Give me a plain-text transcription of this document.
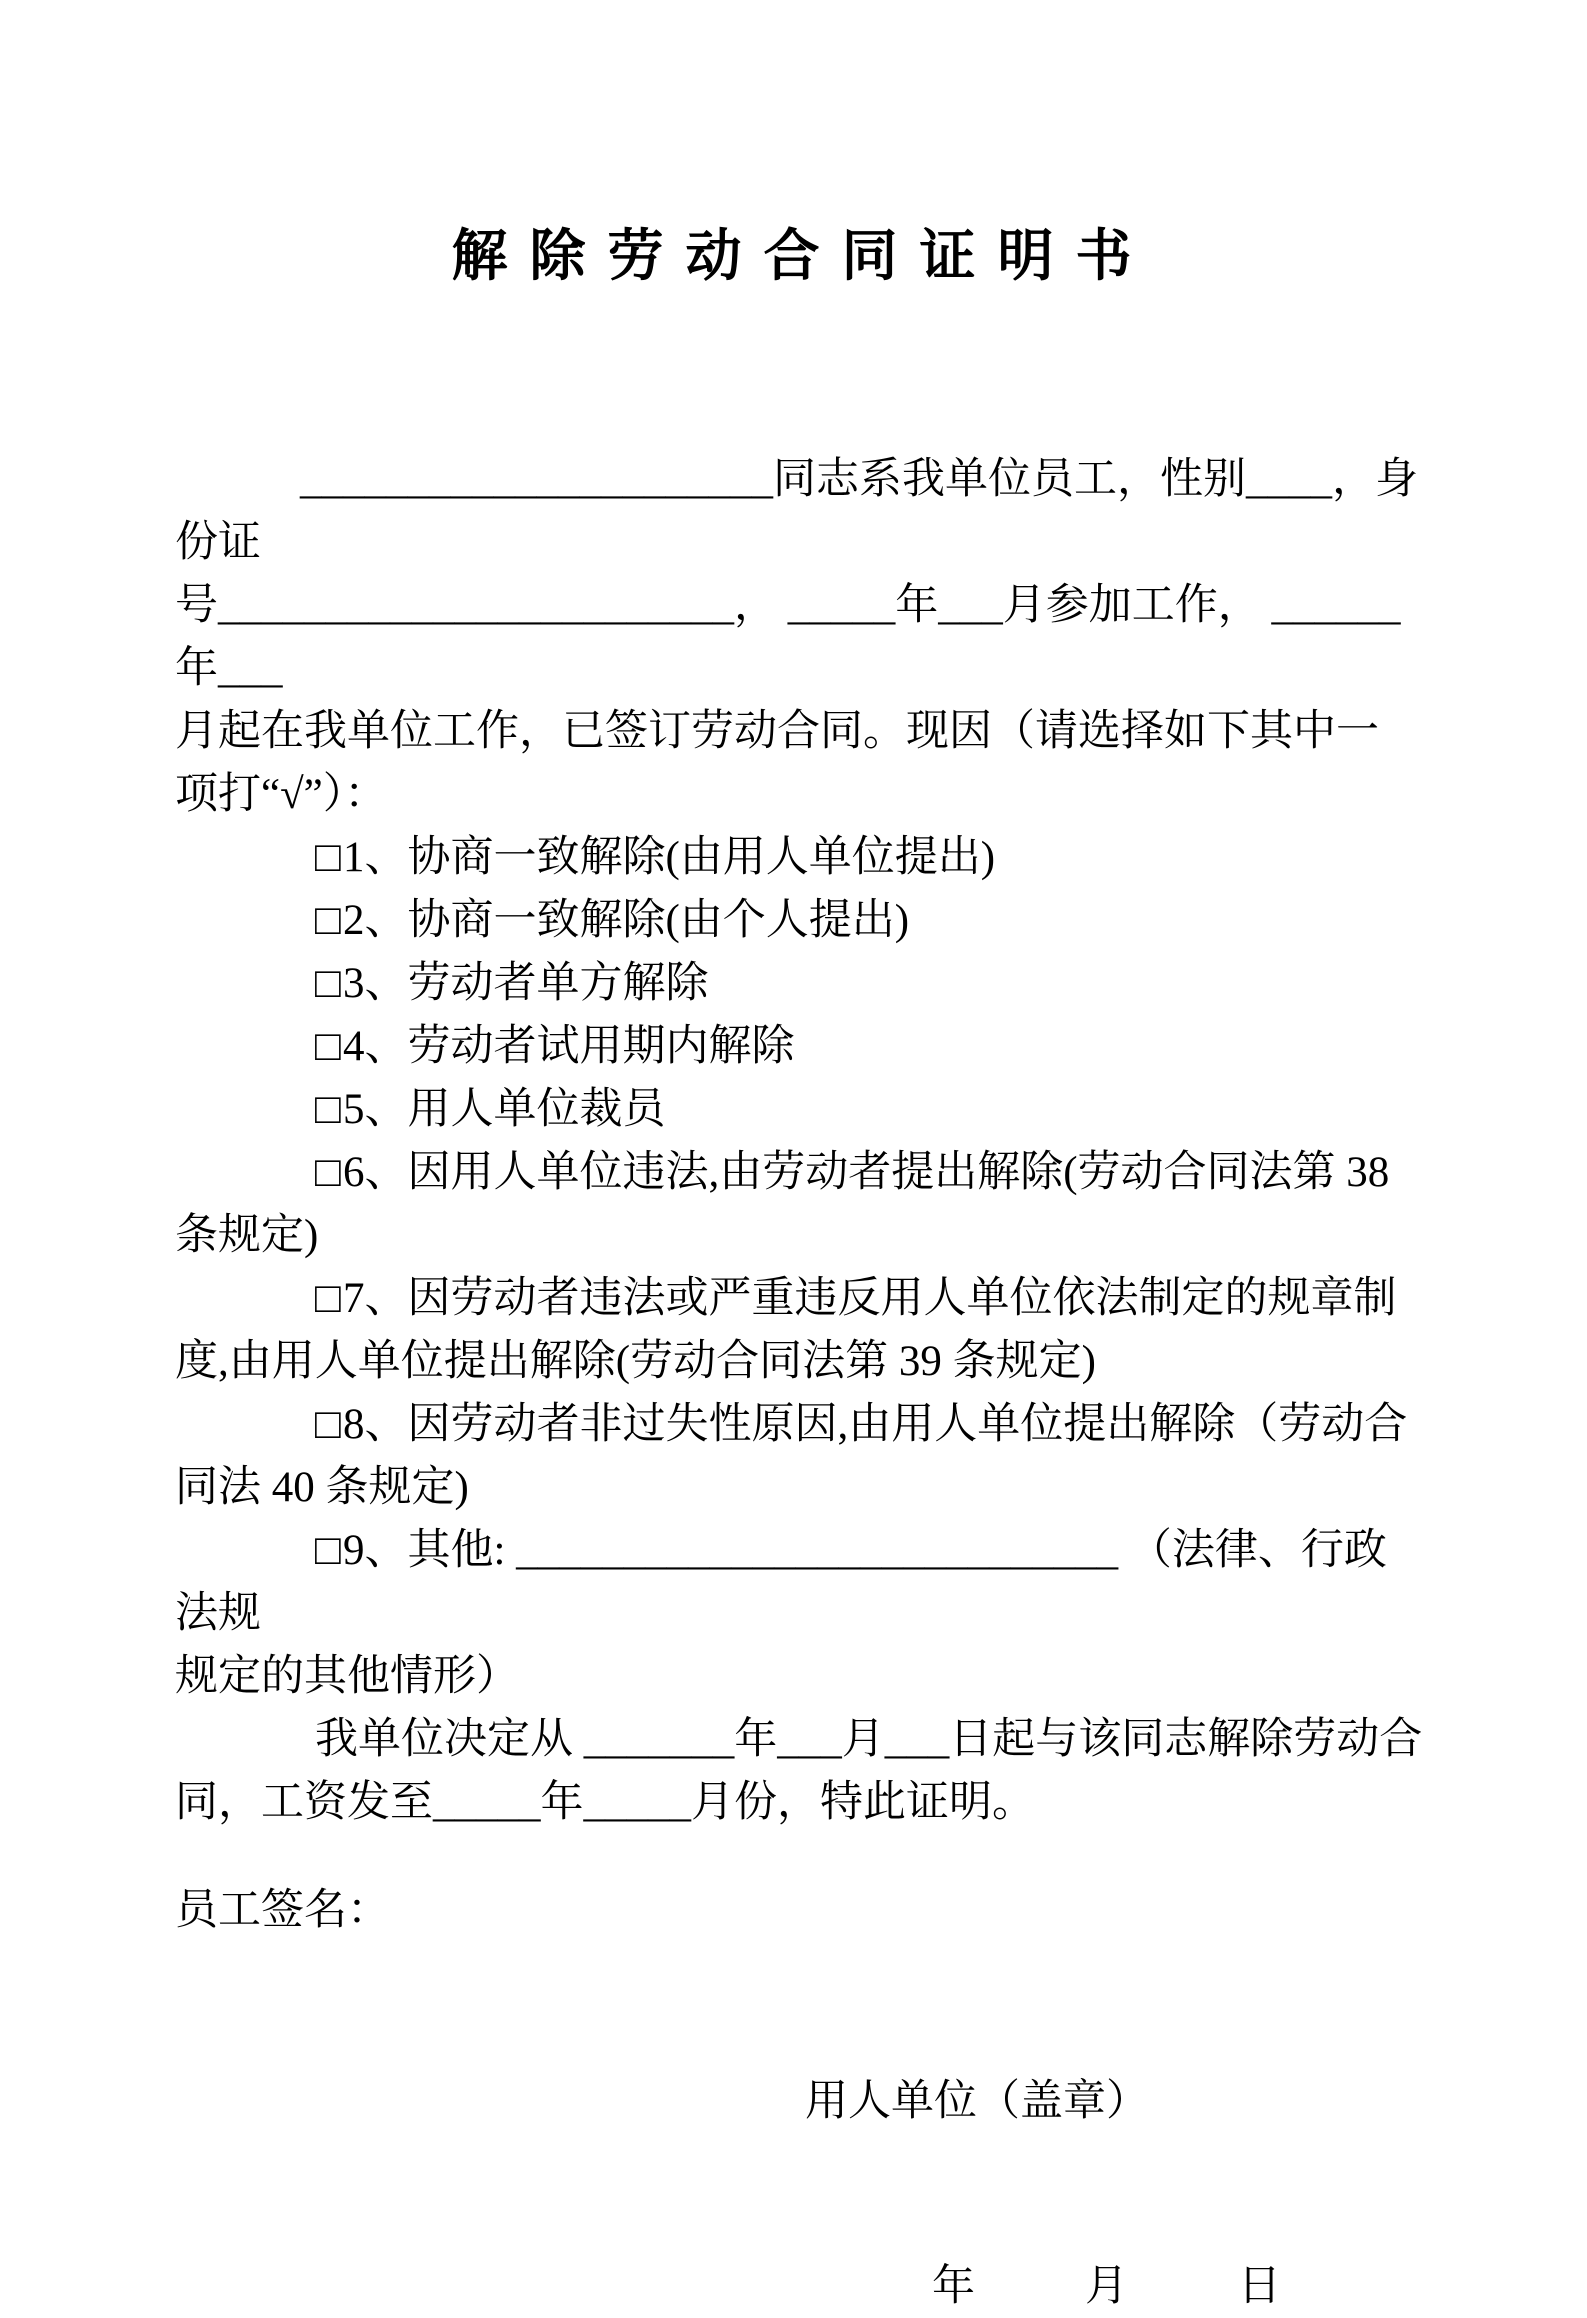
解 除 劳 动 合 同 证 明 书
______________________同志系我单位员工，性别____，身份证
号________________________， _____年___月参加工作， ______年___
月起在我单位工作，已签订劳动合同。现因（请选择如下其中一
项打“√”）：
□1、协商一致解除(由用人单位提出)
□2、协商一致解除(由个人提出)
□3、劳动者单方解除
□4、劳动者试用期内解除
□5、用人单位裁员
□6、因用人单位违法,由劳动者提出解除(劳动合同法第 38
条规定)
□7、因劳动者违法或严重违反用人单位依法制定的规章制
度,由用人单位提出解除(劳动合同法第 39 条规定)
□8、因劳动者非过失性原因,由用人单位提出解除（劳动合
同法 40 条规定)
□9、其他: ____________________________ （法律、行政法规
规定的其他情形）
我单位决定从 _______年___月___日起与该同志解除劳动合
同，工资发至_____年_____月份，特此证明。
员工签名：
用人单位（盖章）
年	月	日
